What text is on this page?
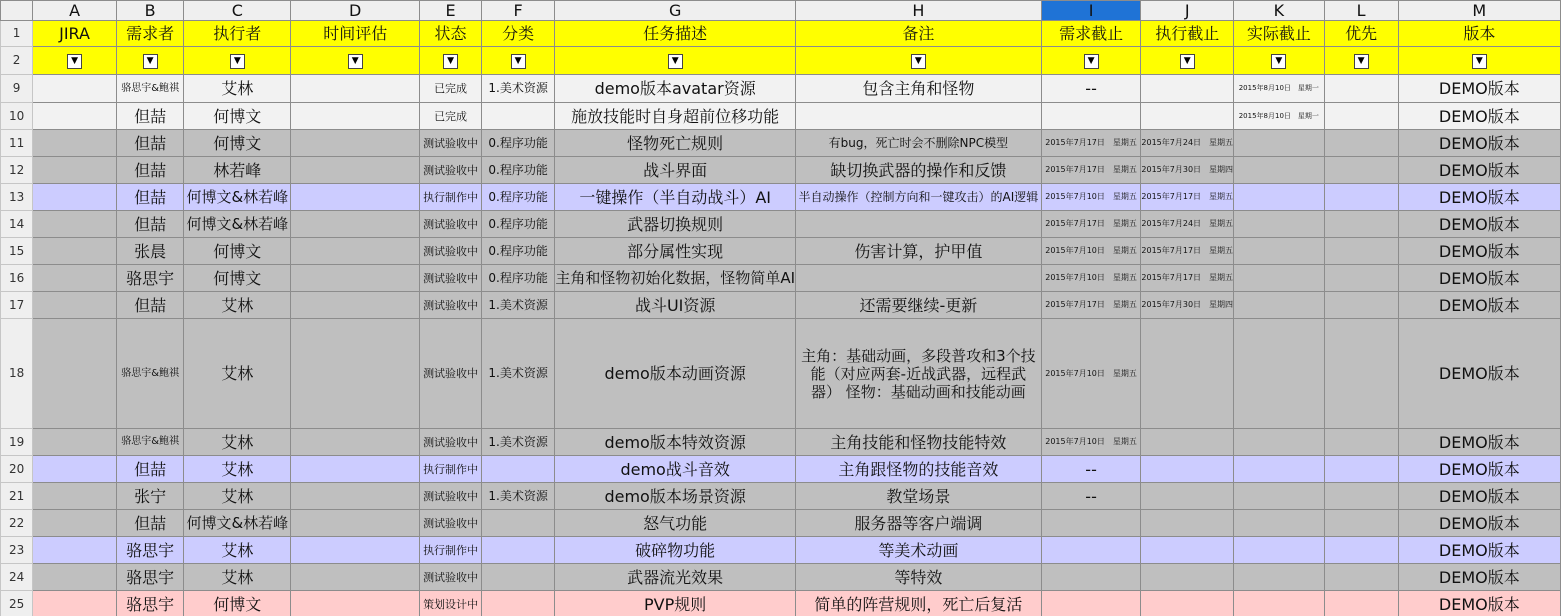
	A	B	C	D	E	F	G	H	I	J	K	L	M
1	JIRA	需求者	执行者	时间评估	状态	分类	任务描述	备注	需求截止	执行截止	实际截止	优先	版本
2	▼	▼	▼	▼	▼	▼	▼	▼	▼	▼	▼	▼	▼
9		骆思宇&鲍祺	艾林		已完成	1.美术资源	demo版本avatar资源	包含主角和怪物	--		2015年8月10日　星期一		DEMO版本
10		但喆	何博文		已完成		施放技能时自身超前位移功能				2015年8月10日　星期一		DEMO版本
11		但喆	何博文		测试验收中	0.程序功能	怪物死亡规则	有bug，死亡时会不删除NPC模型	2015年7月17日　星期五	2015年7月24日　星期五			DEMO版本
12		但喆	林若峰		测试验收中	0.程序功能	战斗界面	缺切换武器的操作和反馈	2015年7月17日　星期五	2015年7月30日　星期四			DEMO版本
13		但喆	何博文&林若峰		执行制作中	0.程序功能	一键操作（半自动战斗）AI	半自动操作（控制方向和一键攻击）的AI逻辑	2015年7月10日　星期五	2015年7月17日　星期五			DEMO版本
14		但喆	何博文&林若峰		测试验收中	0.程序功能	武器切换规则		2015年7月17日　星期五	2015年7月24日　星期五			DEMO版本
15		张晨	何博文		测试验收中	0.程序功能	部分属性实现	伤害计算，护甲值	2015年7月10日　星期五	2015年7月17日　星期五			DEMO版本
16		骆思宇	何博文		测试验收中	0.程序功能	主角和怪物初始化数据，怪物简单AI		2015年7月10日　星期五	2015年7月17日　星期五			DEMO版本
17		但喆	艾林		测试验收中	1.美术资源	战斗UI资源	还需要继续-更新	2015年7月17日　星期五	2015年7月30日　星期四			DEMO版本
18		骆思宇&鲍祺	艾林		测试验收中	1.美术资源	demo版本动画资源	主角：基础动画，多段普攻和3个技能（对应两套-近战武器，远程武器） 怪物：基础动画和技能动画	2015年7月10日　星期五				DEMO版本
19		骆思宇&鲍祺	艾林		测试验收中	1.美术资源	demo版本特效资源	主角技能和怪物技能特效	2015年7月10日　星期五				DEMO版本
20		但喆	艾林		执行制作中		demo战斗音效	主角跟怪物的技能音效	--				DEMO版本
21		张宁	艾林		测试验收中	1.美术资源	demo版本场景资源	教堂场景	--				DEMO版本
22		但喆	何博文&林若峰		测试验收中		怒气功能	服务器等客户端调					DEMO版本
23		骆思宇	艾林		执行制作中		破碎物功能	等美术动画					DEMO版本
24		骆思宇	艾林		测试验收中		武器流光效果	等特效					DEMO版本
25		骆思宇	何博文		策划设计中		PVP规则	简单的阵营规则，死亡后复活					DEMO版本
